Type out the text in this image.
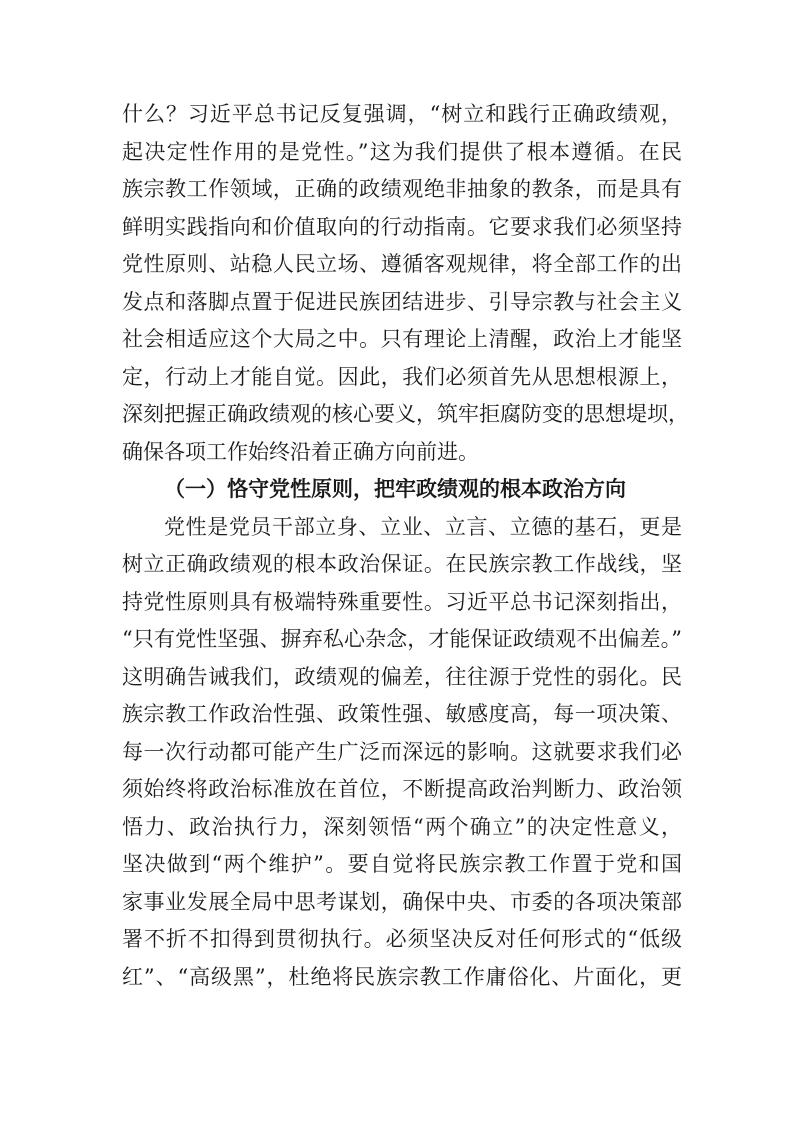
什么？习近平总书记反复强调，“树立和践行正确政绩观，
起决定性作用的是党性。”这为我们提供了根本遵循。在民
族宗教工作领域，正确的政绩观绝非抽象的教条，而是具有
鲜明实践指向和价值取向的行动指南。它要求我们必须坚持
党性原则、站稳人民立场、遵循客观规律，将全部工作的出
发点和落脚点置于促进民族团结进步、引导宗教与社会主义
社会相适应这个大局之中。只有理论上清醒，政治上才能坚
定，行动上才能自觉。因此，我们必须首先从思想根源上，
深刻把握正确政绩观的核心要义，筑牢拒腐防变的思想堤坝，
确保各项工作始终沿着正确方向前进。
（一）恪守党性原则，把牢政绩观的根本政治方向
党性是党员干部立身、立业、立言、立德的基石，更是
树立正确政绩观的根本政治保证。在民族宗教工作战线，坚
持党性原则具有极端特殊重要性。习近平总书记深刻指出，
“只有党性坚强、摒弃私心杂念，才能保证政绩观不出偏差。”
这明确告诫我们，政绩观的偏差，往往源于党性的弱化。民
族宗教工作政治性强、政策性强、敏感度高，每一项决策、
每一次行动都可能产生广泛而深远的影响。这就要求我们必
须始终将政治标准放在首位，不断提高政治判断力、政治领
悟力、政治执行力，深刻领悟“两个确立”的决定性意义，
坚决做到“两个维护”。要自觉将民族宗教工作置于党和国
家事业发展全局中思考谋划，确保中央、市委的各项决策部
署不折不扣得到贯彻执行。必须坚决反对任何形式的“低级
红”、“高级黑”，杜绝将民族宗教工作庸俗化、片面化，更
